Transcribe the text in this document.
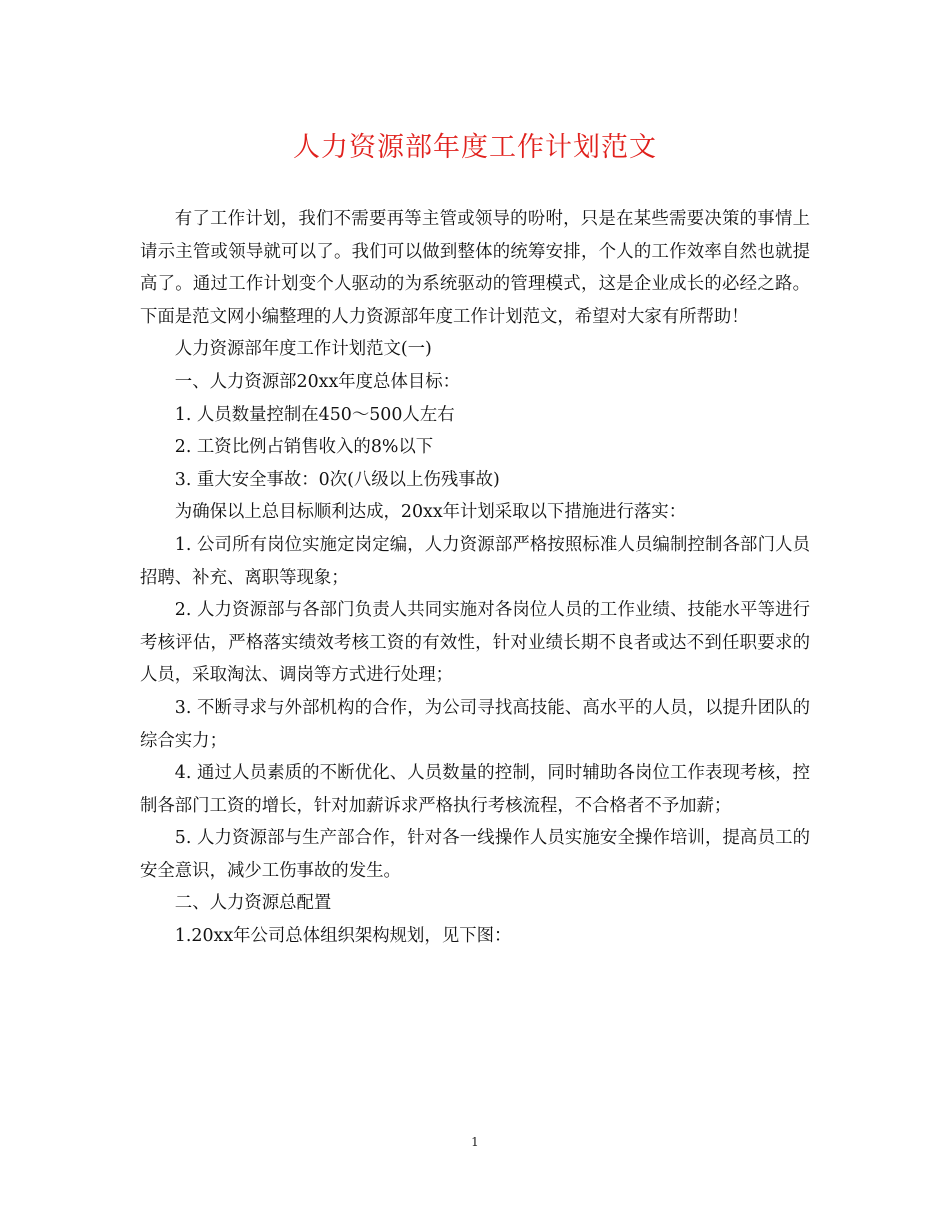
人力资源部年度工作计划范文

有了工作计划，我们不需要再等主管或领导的吩咐，只是在某些需要决策的事情上请示主管或领导就可以了。我们可以做到整体的统筹安排，个人的工作效率自然也就提高了。通过工作计划变个人驱动的为系统驱动的管理模式，这是企业成长的必经之路。下面是范文网小编整理的人力资源部年度工作计划范文，希望对大家有所帮助！

人力资源部年度工作计划范文(一)

一、人力资源部20xx年度总体目标：

1. 人员数量控制在450～500人左右

2. 工资比例占销售收入的8%以下

3. 重大安全事故：0次(八级以上伤残事故)

为确保以上总目标顺利达成，20xx年计划采取以下措施进行落实：

1. 公司所有岗位实施定岗定编，人力资源部严格按照标准人员编制控制各部门人员招聘、补充、离职等现象；

2. 人力资源部与各部门负责人共同实施对各岗位人员的工作业绩、技能水平等进行考核评估，严格落实绩效考核工资的有效性，针对业绩长期不良者或达不到任职要求的人员，采取淘汰、调岗等方式进行处理；

3. 不断寻求与外部机构的合作，为公司寻找高技能、高水平的人员，以提升团队的综合实力；

4. 通过人员素质的不断优化、人员数量的控制，同时辅助各岗位工作表现考核，控制各部门工资的增长，针对加薪诉求严格执行考核流程，不合格者不予加薪；

5. 人力资源部与生产部合作，针对各一线操作人员实施安全操作培训，提高员工的安全意识，减少工伤事故的发生。

二、人力资源总配置

1.20xx年公司总体组织架构规划，见下图：

1
